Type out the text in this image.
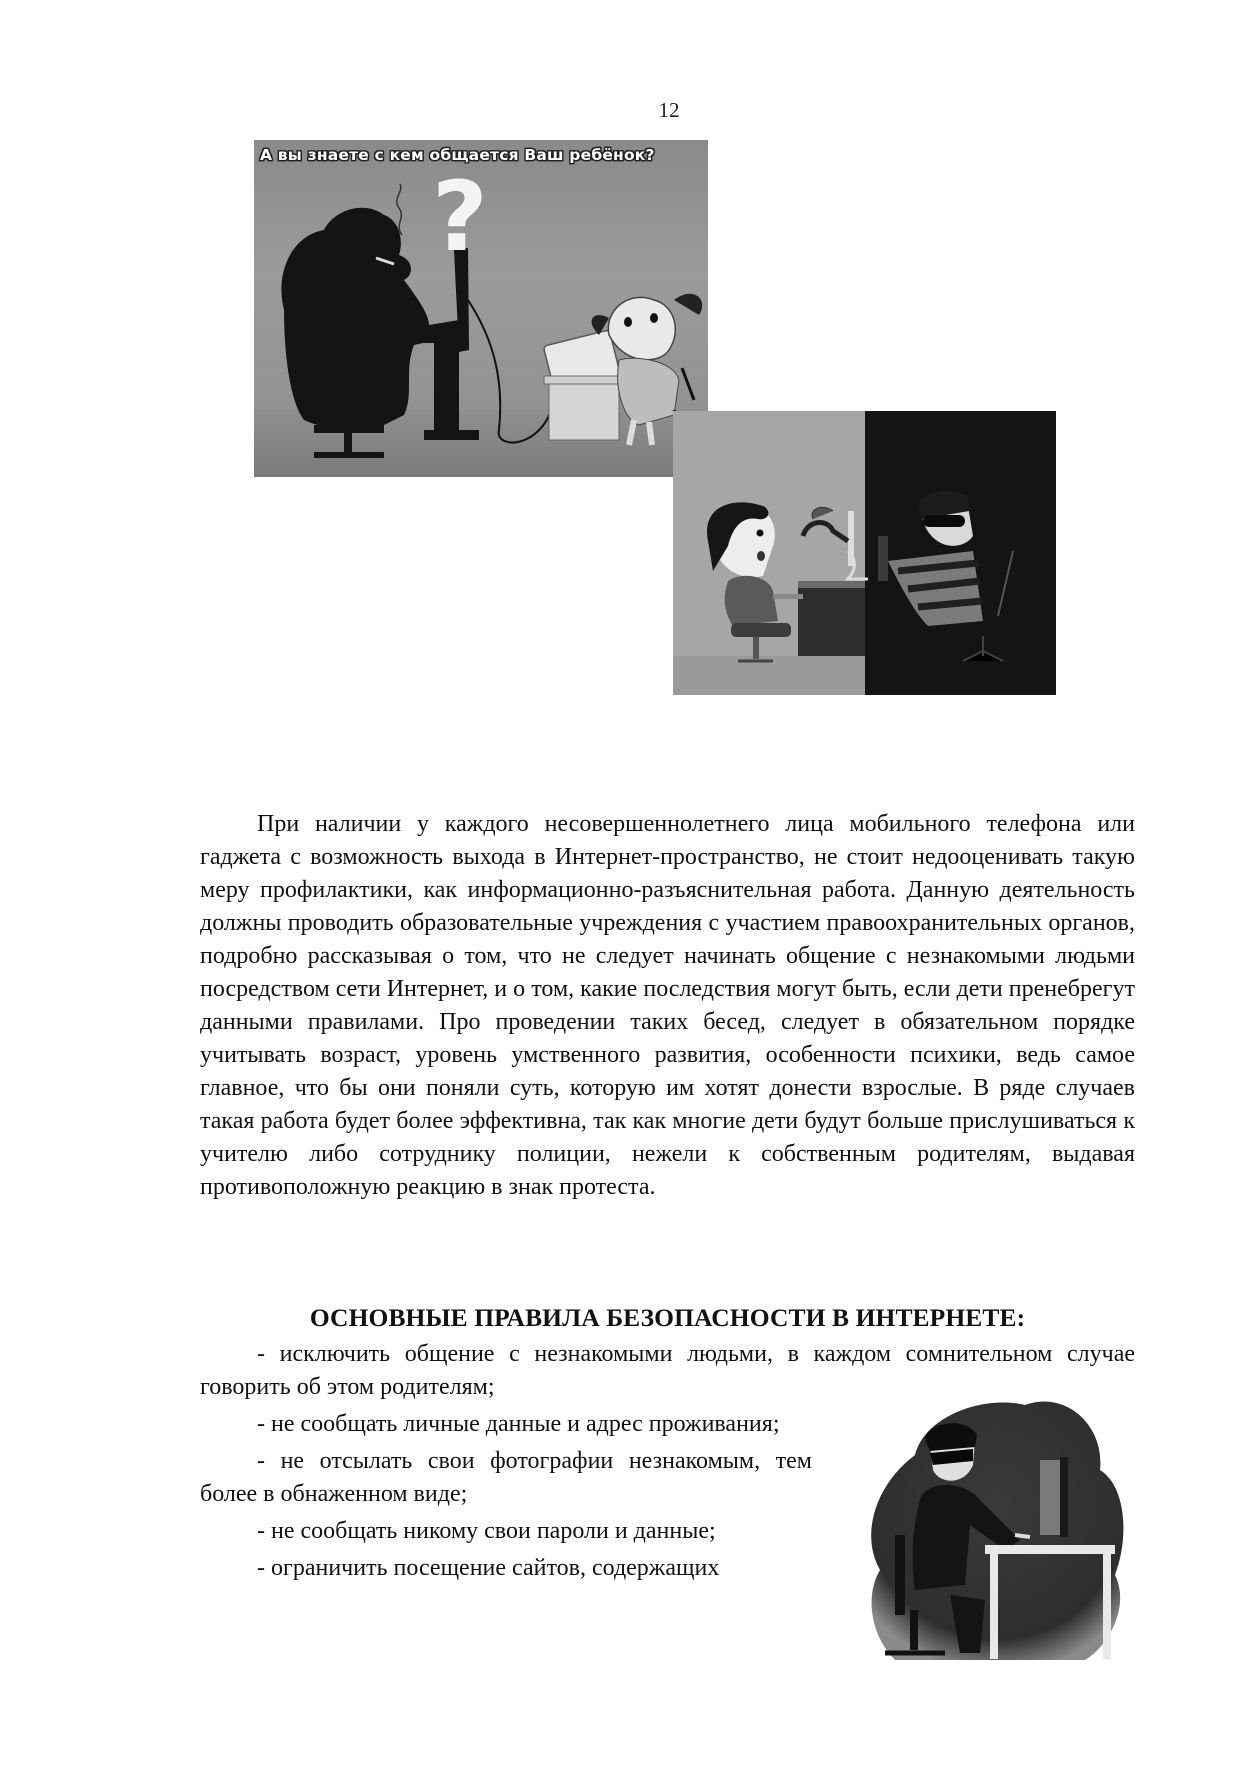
12
?
А вы знаете с кем общается Ваш ребёнок?

При наличии у каждого несовершеннолетнего лица мобильного телефона или гаджета с возможность выхода в Интернет-пространство, не стоит недооценивать такую меру профилактики, как информационно-разъяснительная работа. Данную деятельность должны проводить образовательные учреждения с участием правоохранительных органов, подробно рассказывая о том, что не следует начинать общение с незнакомыми людьми посредством сети Интернет, и о том, какие последствия могут быть, если дети пренебрегут данными правилами. Про проведении таких бесед, следует в обязательном порядке учитывать возраст, уровень умственного развития, особенности психики, ведь самое главное, что бы они поняли суть, которую им хотят донести взрослые. В ряде случаев такая работа будет более эффективна, так как многие дети будут больше прислушиваться к учителю либо сотруднику полиции, нежели к собственным родителям, выдавая противоположную реакцию в знак протеста.

ОСНОВНЫЕ ПРАВИЛА БЕЗОПАСНОСТИ В ИНТЕРНЕТЕ:
- исключить общение с незнакомыми людьми, в каждом сомнительном случае говорить об этом родителям;
- не сообщать личные данные и адрес проживания;
- не отсылать свои фотографии незнакомым, тем более в обнаженном виде;
- не сообщать никому свои пароли и данные;
- ограничить посещение сайтов, содержащих
